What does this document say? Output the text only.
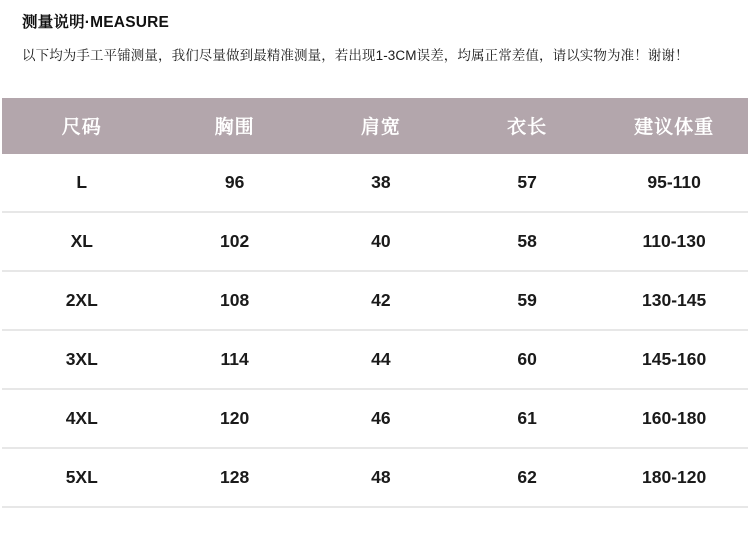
测量说明·MEASURE
以下均为手工平铺测量，我们尽量做到最精准测量，若出现1-3CM误差，均属正常差值，请以实物为准！谢谢！
尺码	胸围	肩宽	衣长	建议体重
L	96	38	57	95-110
XL	102	40	58	110-130
2XL	108	42	59	130-145
3XL	114	44	60	145-160
4XL	120	46	61	160-180
5XL	128	48	62	180-120
